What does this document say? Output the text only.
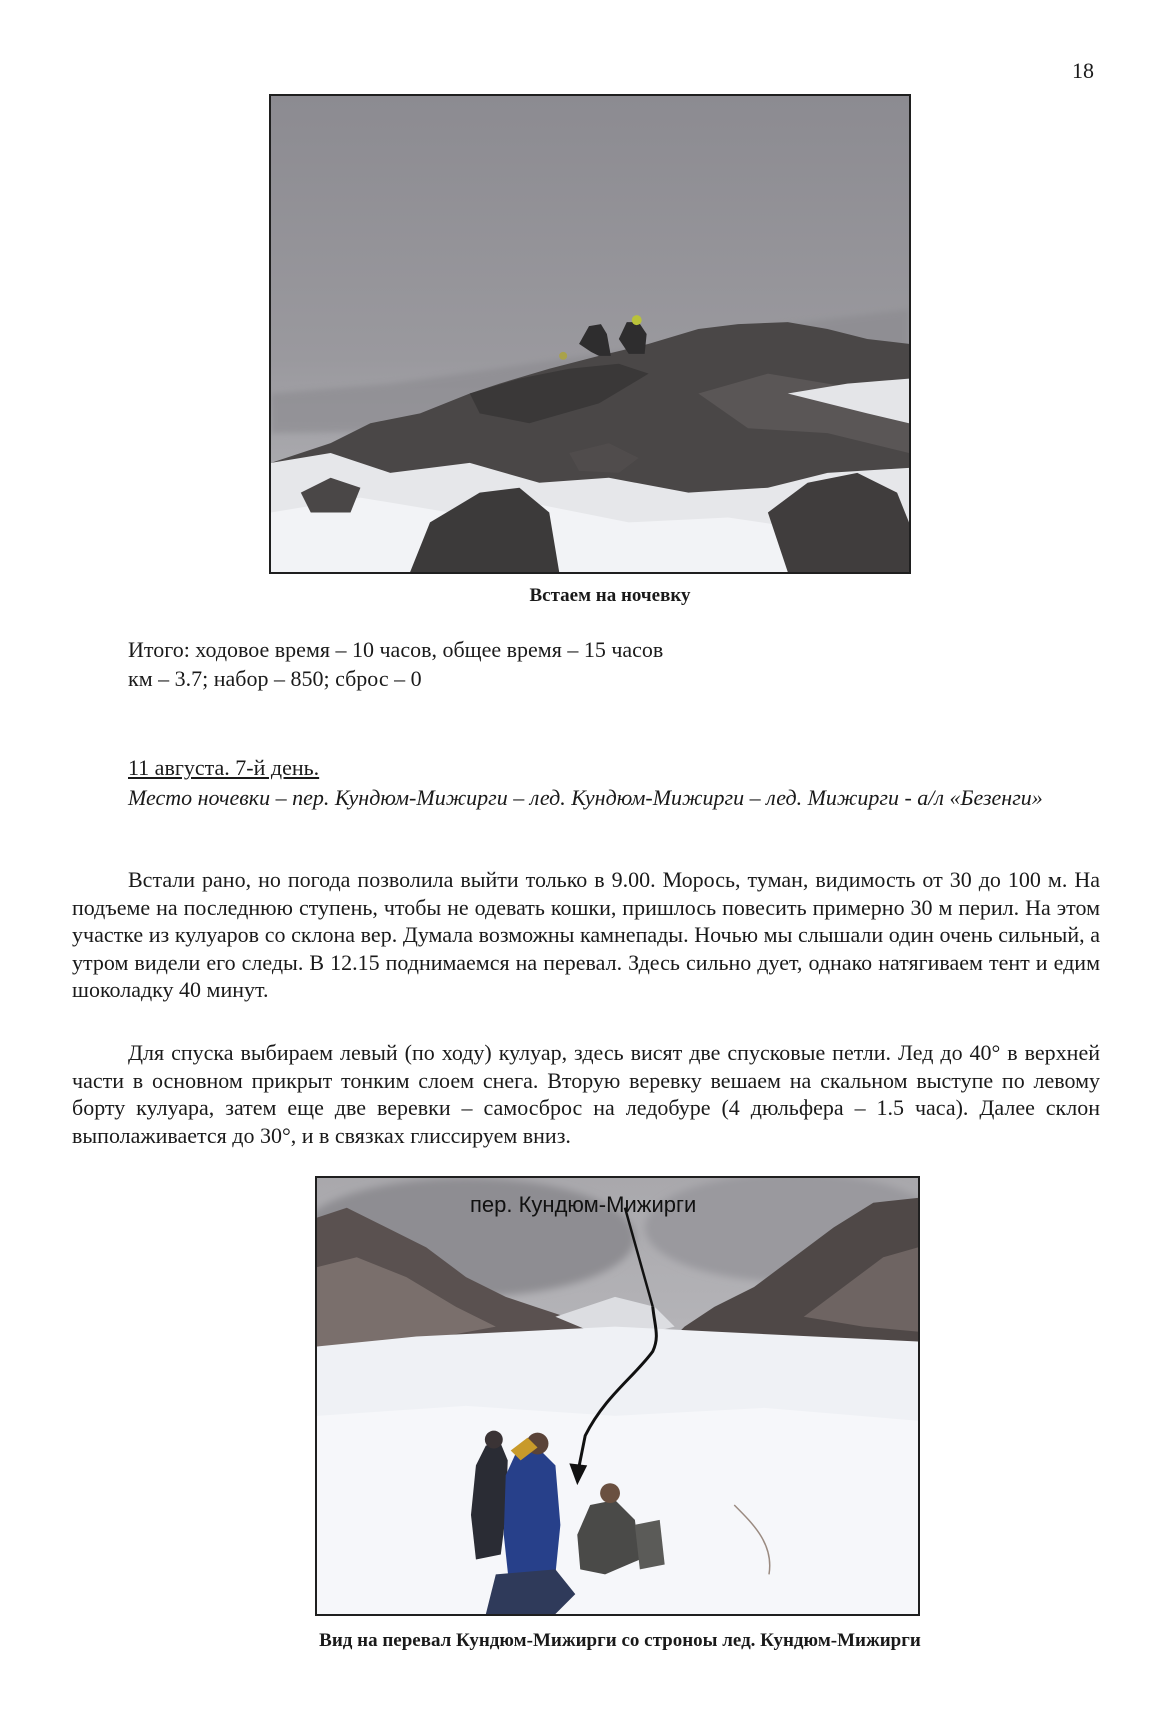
18
Встаем на ночевку
Итого: ходовое время – 10 часов, общее время – 15 часов
км – 3.7; набор – 850; сброс – 0
11 августа. 7-й день.
Место ночевки – пер. Кундюм-Мижирги – лед. Кундюм-Мижирги – лед. Мижирги - а/л «Безенги»

Встали рано, но погода позволила выйти только в 9.00. Морось, туман, видимость от 30 до 100 м. На подъеме на последнюю ступень, чтобы не одевать кошки, пришлось повесить примерно 30 м перил. На этом участке из кулуаров со склона вер. Думала возможны камнепады. Ночью мы слышали один очень сильный, а утром видели его следы. В 12.15 поднимаемся на перевал. Здесь сильно дует, однако натягиваем тент и едим шоколадку 40 минут.

Для спуска выбираем левый (по ходу) кулуар, здесь висят две спусковые петли. Лед до 40° в верхней части в основном прикрыт тонким слоем снега. Вторую веревку вешаем на скальном выступе по левому борту кулуара, затем еще две веревки – самосброс на ледобуре (4 дюльфера – 1.5 часа). Далее склон выполаживается до 30°, и в связках глиссируем вниз.

пер. Кундюм-Мижирги
Вид на перевал Кундюм-Мижирги со строноы лед. Кундюм-Мижирги
